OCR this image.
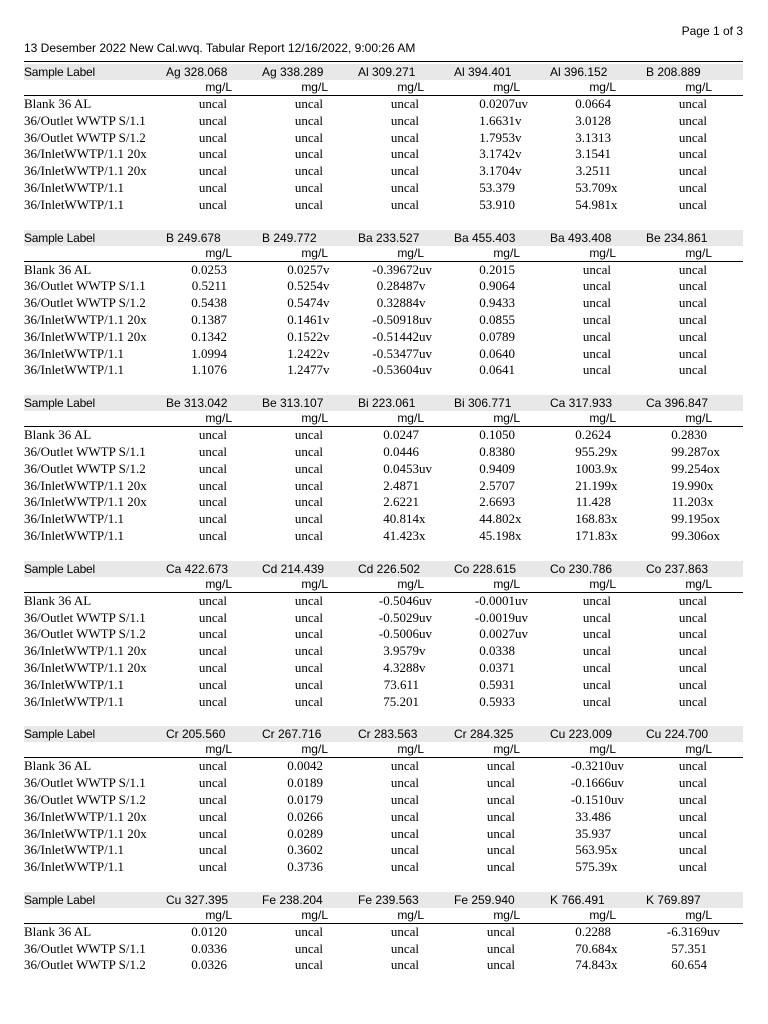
Page 1 of 3
13 Desember 2022 New Cal.wvq. Tabular Report 12/16/2022, 9:00:26 AM
Sample Label	Ag 328.068	Ag 338.289	Al 309.271	Al 394.401	Al 396.152	B 208.889
mg/L	mg/L	mg/L	mg/L	mg/L	mg/L
Blank 36 AL	uncal	uncal	uncal	0.0207 uv	0.0664	uncal
36/Outlet WWTP S/1.1	uncal	uncal	uncal	1.6631 v	3.0128	uncal
36/Outlet WWTP S/1.2	uncal	uncal	uncal	1.7953 v	3.1313	uncal
36/InletWWTP/1.1 20x	uncal	uncal	uncal	3.1742 v	3.1541	uncal
36/InletWWTP/1.1 20x	uncal	uncal	uncal	3.1704 v	3.2511	uncal
36/InletWWTP/1.1	uncal	uncal	uncal	53.379	53.709 x	uncal
36/InletWWTP/1.1	uncal	uncal	uncal	53.910	54.981 x	uncal
Sample Label	B 249.678	B 249.772	Ba 233.527	Ba 455.403	Ba 493.408	Be 234.861
mg/L	mg/L	mg/L	mg/L	mg/L	mg/L
Blank 36 AL	0.0253	0.0257 v	-0.39672 uv	0.2015	uncal	uncal
36/Outlet WWTP S/1.1	0.5211	0.5254 v	0.28487 v	0.9064	uncal	uncal
36/Outlet WWTP S/1.2	0.5438	0.5474 v	0.32884 v	0.9433	uncal	uncal
36/InletWWTP/1.1 20x	0.1387	0.1461 v	-0.50918 uv	0.0855	uncal	uncal
36/InletWWTP/1.1 20x	0.1342	0.1522 v	-0.51442 uv	0.0789	uncal	uncal
36/InletWWTP/1.1	1.0994	1.2422 v	-0.53477 uv	0.0640	uncal	uncal
36/InletWWTP/1.1	1.1076	1.2477 v	-0.53604 uv	0.0641	uncal	uncal
Sample Label	Be 313.042	Be 313.107	Bi 223.061	Bi 306.771	Ca 317.933	Ca 396.847
mg/L	mg/L	mg/L	mg/L	mg/L	mg/L
Blank 36 AL	uncal	uncal	0.0247	0.1050	0.2624	0.2830
36/Outlet WWTP S/1.1	uncal	uncal	0.0446	0.8380	955.29 x	99.287 ox
36/Outlet WWTP S/1.2	uncal	uncal	0.0453 uv	0.9409	1003.9 x	99.254 ox
36/InletWWTP/1.1 20x	uncal	uncal	2.4871	2.5707	21.199 x	19.990 x
36/InletWWTP/1.1 20x	uncal	uncal	2.6221	2.6693	11.428	11.203 x
36/InletWWTP/1.1	uncal	uncal	40.814 x	44.802 x	168.83 x	99.195 ox
36/InletWWTP/1.1	uncal	uncal	41.423 x	45.198 x	171.83 x	99.306 ox
Sample Label	Ca 422.673	Cd 214.439	Cd 226.502	Co 228.615	Co 230.786	Co 237.863
mg/L	mg/L	mg/L	mg/L	mg/L	mg/L
Blank 36 AL	uncal	uncal	-0.5046 uv	-0.0001 uv	uncal	uncal
36/Outlet WWTP S/1.1	uncal	uncal	-0.5029 uv	-0.0019 uv	uncal	uncal
36/Outlet WWTP S/1.2	uncal	uncal	-0.5006 uv	0.0027 uv	uncal	uncal
36/InletWWTP/1.1 20x	uncal	uncal	3.9579 v	0.0338	uncal	uncal
36/InletWWTP/1.1 20x	uncal	uncal	4.3288 v	0.0371	uncal	uncal
36/InletWWTP/1.1	uncal	uncal	73.611	0.5931	uncal	uncal
36/InletWWTP/1.1	uncal	uncal	75.201	0.5933	uncal	uncal
Sample Label	Cr 205.560	Cr 267.716	Cr 283.563	Cr 284.325	Cu 223.009	Cu 224.700
mg/L	mg/L	mg/L	mg/L	mg/L	mg/L
Blank 36 AL	uncal	0.0042	uncal	uncal	-0.3210 uv	uncal
36/Outlet WWTP S/1.1	uncal	0.0189	uncal	uncal	-0.1666 uv	uncal
36/Outlet WWTP S/1.2	uncal	0.0179	uncal	uncal	-0.1510 uv	uncal
36/InletWWTP/1.1 20x	uncal	0.0266	uncal	uncal	33.486	uncal
36/InletWWTP/1.1 20x	uncal	0.0289	uncal	uncal	35.937	uncal
36/InletWWTP/1.1	uncal	0.3602	uncal	uncal	563.95 x	uncal
36/InletWWTP/1.1	uncal	0.3736	uncal	uncal	575.39 x	uncal
Sample Label	Cu 327.395	Fe 238.204	Fe 239.563	Fe 259.940	K 766.491	K 769.897
mg/L	mg/L	mg/L	mg/L	mg/L	mg/L
Blank 36 AL	0.0120	uncal	uncal	uncal	0.2288	-6.3169 uv
36/Outlet WWTP S/1.1	0.0336	uncal	uncal	uncal	70.684 x	57.351
36/Outlet WWTP S/1.2	0.0326	uncal	uncal	uncal	74.843 x	60.654
